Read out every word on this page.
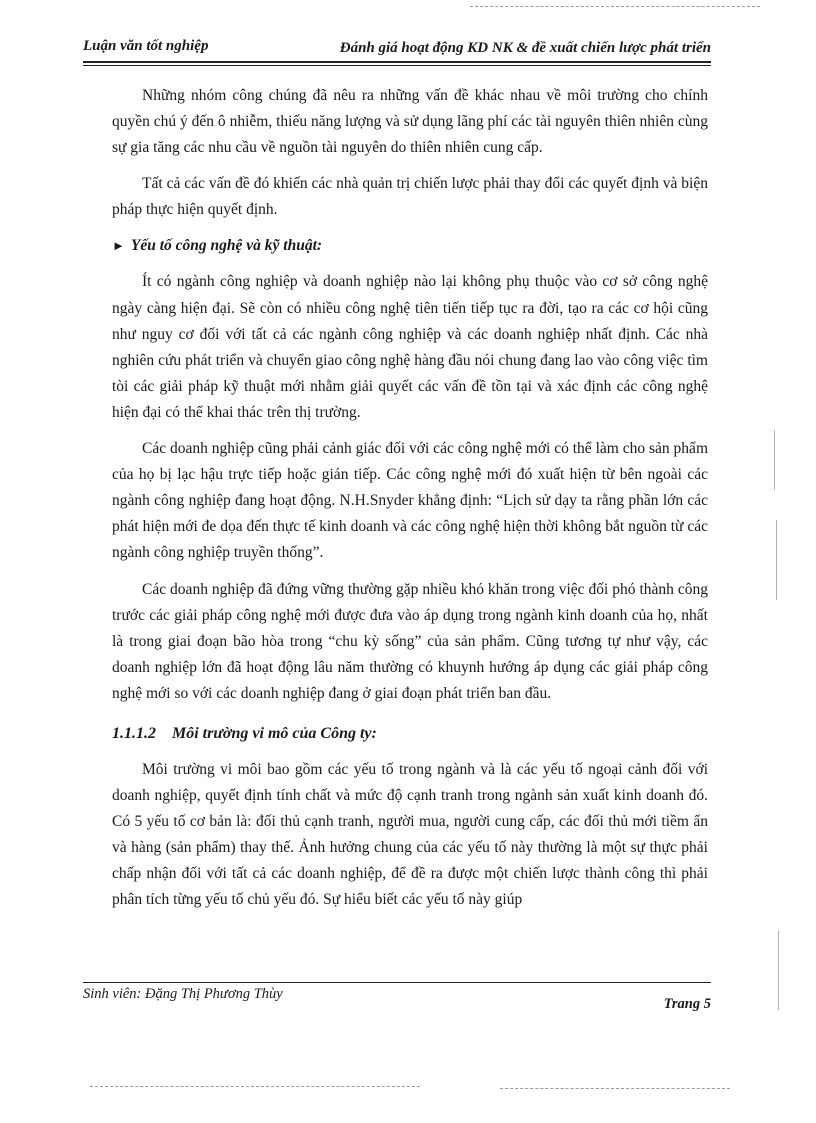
Luận văn tốt nghiệp	Đánh giá hoạt động KD NK & đề xuất chiến lược phát triển

Những nhóm công chúng đã nêu ra những vấn đề khác nhau về môi trường cho chính quyền chú ý đến ô nhiễm, thiếu năng lượng và sử dụng lãng phí các tài nguyên thiên nhiên cùng sự gia tăng các nhu cầu về nguồn tài nguyên do thiên nhiên cung cấp.

Tất cả các vấn đề đó khiến các nhà quản trị chiến lược phải thay đổi các quyết định và biện pháp thực hiện quyết định.

► Yếu tố công nghệ và kỹ thuật:

Ít có ngành công nghiệp và doanh nghiệp nào lại không phụ thuộc vào cơ sở công nghệ ngày càng hiện đại. Sẽ còn có nhiều công nghệ tiên tiến tiếp tục ra đời, tạo ra các cơ hội cũng như nguy cơ đối với tất cả các ngành công nghiệp và các doanh nghiệp nhất định. Các nhà nghiên cứu phát triển và chuyển giao công nghệ hàng đầu nói chung đang lao vào công việc tìm tòi các giải pháp kỹ thuật mới nhằm giải quyết các vấn đề tồn tại và xác định các công nghệ hiện đại có thể khai thác trên thị trường.

Các doanh nghiệp cũng phải cảnh giác đối với các công nghệ mới có thể làm cho sản phẩm của họ bị lạc hậu trực tiếp hoặc gián tiếp. Các công nghệ mới đó xuất hiện từ bên ngoài các ngành công nghiệp đang hoạt động. N.H.Snyder khẳng định: “Lịch sử dạy ta rằng phần lớn các phát hiện mới đe dọa đến thực tế kinh doanh và các công nghệ hiện thời không bắt nguồn từ các ngành công nghiệp truyền thống”.

Các doanh nghiệp đã đứng vững thường gặp nhiều khó khăn trong việc đối phó thành công trước các giải pháp công nghệ mới được đưa vào áp dụng trong ngành kinh doanh của họ, nhất là trong giai đoạn bão hòa trong “chu kỳ sống” của sản phẩm. Cũng tương tự như vậy, các doanh nghiệp lớn đã hoạt động lâu năm thường có khuynh hướng áp dụng các giải pháp công nghệ mới so với các doanh nghiệp đang ở giai đoạn phát triển ban đầu.

1.1.1.2 Môi trường vi mô của Công ty:

Môi trường vi môi bao gồm các yếu tố trong ngành và là các yếu tố ngoại cảnh đối với doanh nghiệp, quyết định tính chất và mức độ cạnh tranh trong ngành sản xuất kinh doanh đó. Có 5 yếu tố cơ bản là: đối thủ cạnh tranh, người mua, người cung cấp, các đối thủ mới tiềm ẩn và hàng (sản phẩm) thay thế. Ảnh hưởng chung của các yếu tố này thường là một sự thực phải chấp nhận đối với tất cả các doanh nghiệp, để đề ra được một chiến lược thành công thì phải phân tích từng yếu tố chủ yếu đó. Sự hiểu biết các yếu tố này giúp

Sinh viên: Đặng Thị Phương Thùy
Trang 5
